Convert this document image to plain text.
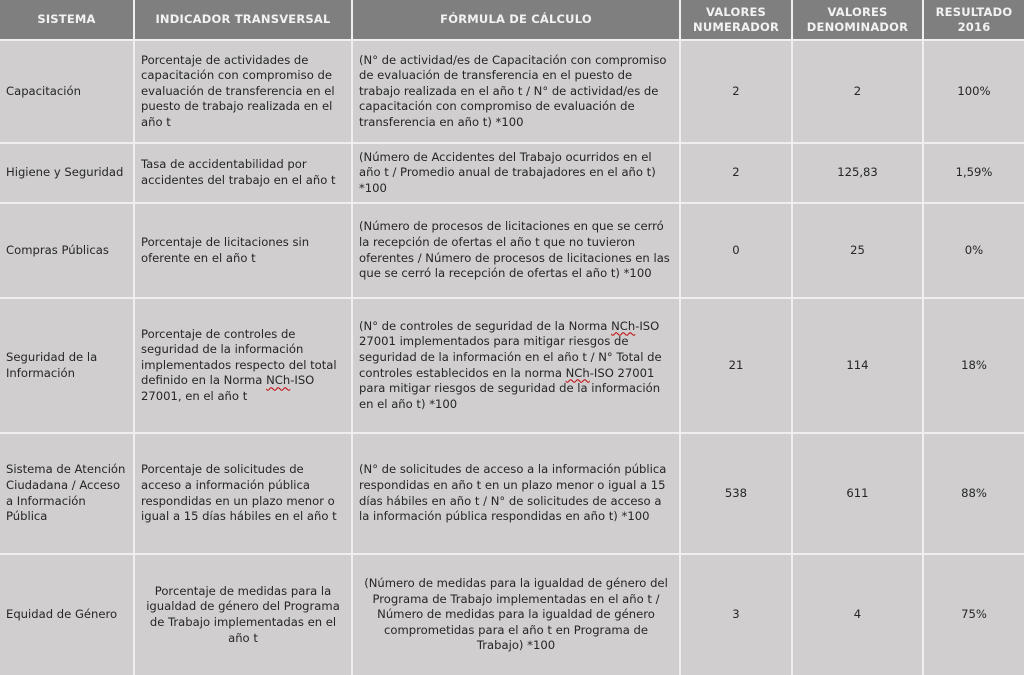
SISTEMA	INDICADOR TRANSVERSAL	FÓRMULA DE CÁLCULO	VALORES NUMERADOR	VALORES DENOMINADOR	RESULTADO 2016
Capacitación	Porcentaje de actividades de capacitación con compromiso de evaluación de transferencia en el puesto de trabajo realizada en el año t	(N° de actividad/es de Capacitación con compromiso de evaluación de transferencia en el puesto de trabajo realizada en el año t / N° de actividad/es de capacitación con compromiso de evaluación de transferencia en año t) *100	2	2	100%
Higiene y Seguridad	Tasa de accidentabilidad por accidentes del trabajo en el año t	(Número de Accidentes del Trabajo ocurridos en el año t / Promedio anual de trabajadores en el año t) *100	2	125,83	1,59%
Compras Públicas	Porcentaje de licitaciones sin oferente en el año t	(Número de procesos de licitaciones en que se cerró la recepción de ofertas el año t que no tuvieron oferentes / Número de procesos de licitaciones en las que se cerró la recepción de ofertas el año t) *100	0	25	0%
Seguridad de la Información	Porcentaje de controles de seguridad de la información implementados respecto del total definido en la Norma NCh-ISO 27001, en el año t	(N° de controles de seguridad de la Norma NCh-ISO 27001 implementados para mitigar riesgos de seguridad de la información en el año t / N° Total de controles establecidos en la norma NCh-ISO 27001 para mitigar riesgos de seguridad de la información en el año t) *100	21	114	18%
Sistema de Atención Ciudadana / Acceso a Información Pública	Porcentaje de solicitudes de acceso a información pública respondidas en un plazo menor o igual a 15 días hábiles en el año t	(N° de solicitudes de acceso a la información pública respondidas en año t en un plazo menor o igual a 15 días hábiles en año t / N° de solicitudes de acceso a la información pública respondidas en año t) *100	538	611	88%
Equidad de Género	Porcentaje de medidas para la igualdad de género del Programa de Trabajo implementadas en el año t	(Número de medidas para la igualdad de género del Programa de Trabajo implementadas en el año t / Número de medidas para la igualdad de género comprometidas para el año t en Programa de Trabajo) *100	3	4	75%
